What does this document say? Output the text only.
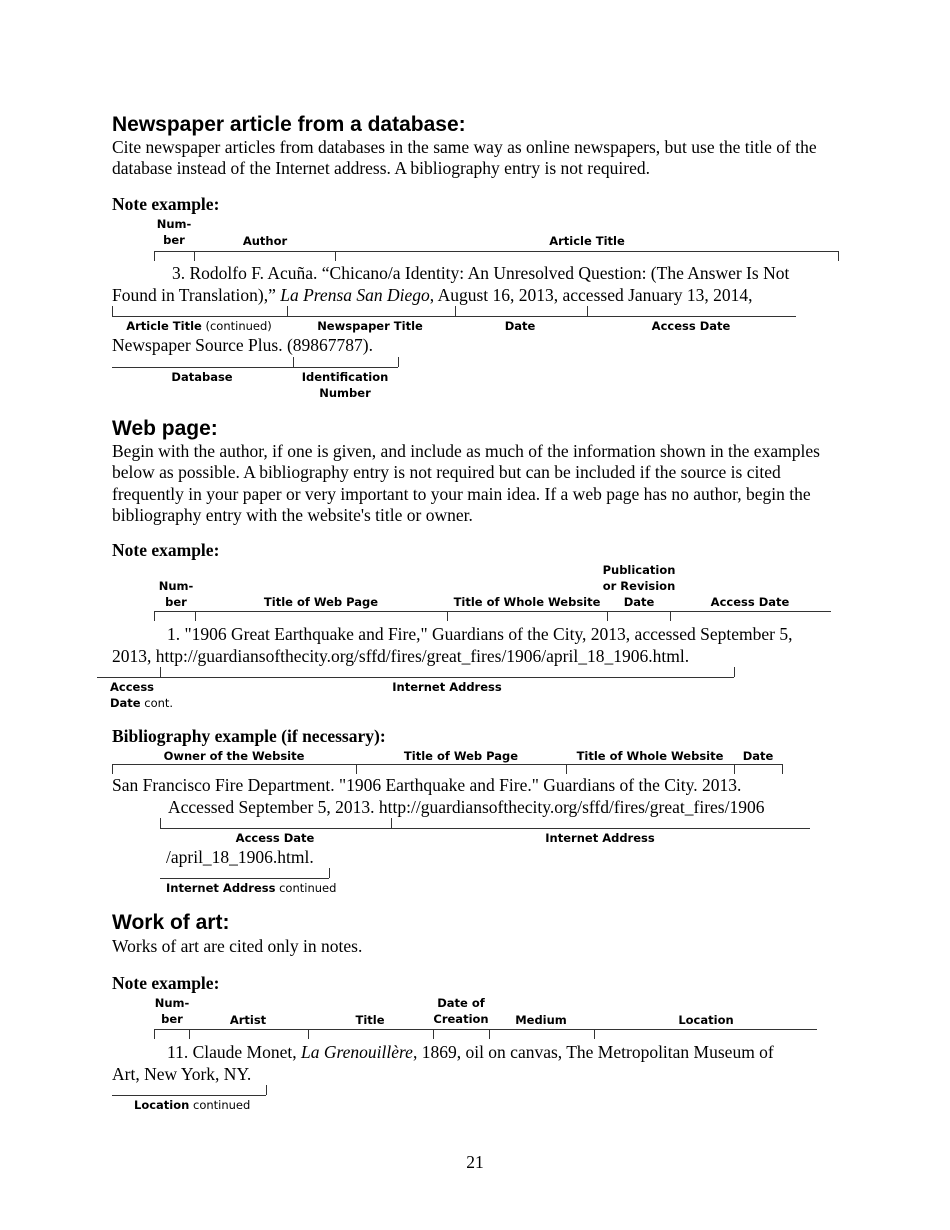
Newspaper article from a database:
Cite newspaper articles from databases in the same way as online newspapers, but use the title of the database instead of the Internet address. A bibliography entry is not required.
Note example:
Num-
ber	Author	Article Title
3. Rodolfo F. Acuña. “Chicano/a Identity: An Unresolved Question: (The Answer Is Not
Found in Translation),” La Prensa San Diego, August 16, 2013, accessed January 13, 2014,
Article Title (continued)	Newspaper Title	Date	Access Date
Newspaper Source Plus. (89867787).
Database	Identification
Number
Web page:
Begin with the author, if one is given, and include as much of the information shown in the examples below as possible. A bibliography entry is not required but can be included if the source is cited frequently in your paper or very important to your main idea. If a web page has no author, begin the bibliography entry with the website's title or owner.
Note example:
Publication
or Revision
Date
Num-
ber	Title of Web Page	Title of Whole Website	Access Date
1. "1906 Great Earthquake and Fire," Guardians of the City, 2013, accessed September 5,
2013, http://guardiansofthecity.org/sffd/fires/great_fires/1906/april_18_1906.html.
Access
Date cont.
Internet Address
Bibliography example (if necessary):
Owner of the Website	Title of Web Page	Title of Whole Website Date
San Francisco Fire Department. "1906 Earthquake and Fire." Guardians of the City. 2013.
Accessed September 5, 2013. http://guardiansofthecity.org/sffd/fires/great_fires/1906
Access Date	Internet Address
/april_18_1906.html.
Internet Address continued
Work of art:
Works of art are cited only in notes.
Note example:
Num-
ber
Date of
Creation
Artist	Title	Medium	Location
11. Claude Monet, La Grenouillère, 1869, oil on canvas, The Metropolitan Museum of
Art, New York, NY.
Location continued
21
